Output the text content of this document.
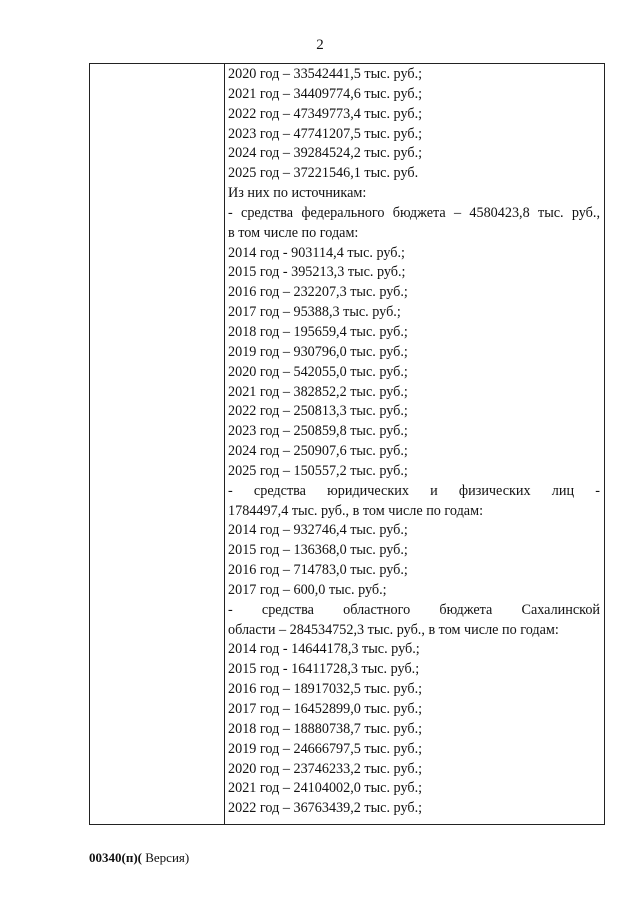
2
2020 год – 33542441,5 тыс. руб.;
2021 год – 34409774,6 тыс. руб.;
2022 год – 47349773,4 тыс. руб.;
2023 год – 47741207,5 тыс. руб.;
2024 год – 39284524,2 тыс. руб.;
2025 год – 37221546,1 тыс. руб.
Из них по источникам:
- средства федерального бюджета – 4580423,8 тыс. руб.,
в том числе по годам:
2014 год - 903114,4 тыс. руб.;
2015 год - 395213,3 тыс. руб.;
2016 год – 232207,3 тыс. руб.;
2017 год – 95388,3 тыс. руб.;
2018 год – 195659,4 тыс. руб.;
2019 год – 930796,0 тыс. руб.;
2020 год – 542055,0 тыс. руб.;
2021 год – 382852,2 тыс. руб.;
2022 год – 250813,3 тыс. руб.;
2023 год – 250859,8 тыс. руб.;
2024 год – 250907,6 тыс. руб.;
2025 год – 150557,2 тыс. руб.;
- средства юридических и физических лиц -
1784497,4 тыс. руб., в том числе по годам:
2014 год – 932746,4 тыс. руб.;
2015 год – 136368,0 тыс. руб.;
2016 год – 714783,0 тыс. руб.;
2017 год – 600,0 тыс. руб.;
- средства областного бюджета Сахалинской
области – 284534752,3 тыс. руб., в том числе по годам:
2014 год - 14644178,3 тыс. руб.;
2015 год - 16411728,3 тыс. руб.;
2016 год – 18917032,5 тыс. руб.;
2017 год – 16452899,0 тыс. руб.;
2018 год – 18880738,7 тыс. руб.;
2019 год – 24666797,5 тыс. руб.;
2020 год – 23746233,2 тыс. руб.;
2021 год – 24104002,0 тыс. руб.;
2022 год – 36763439,2 тыс. руб.;
00340(п)( Версия)
